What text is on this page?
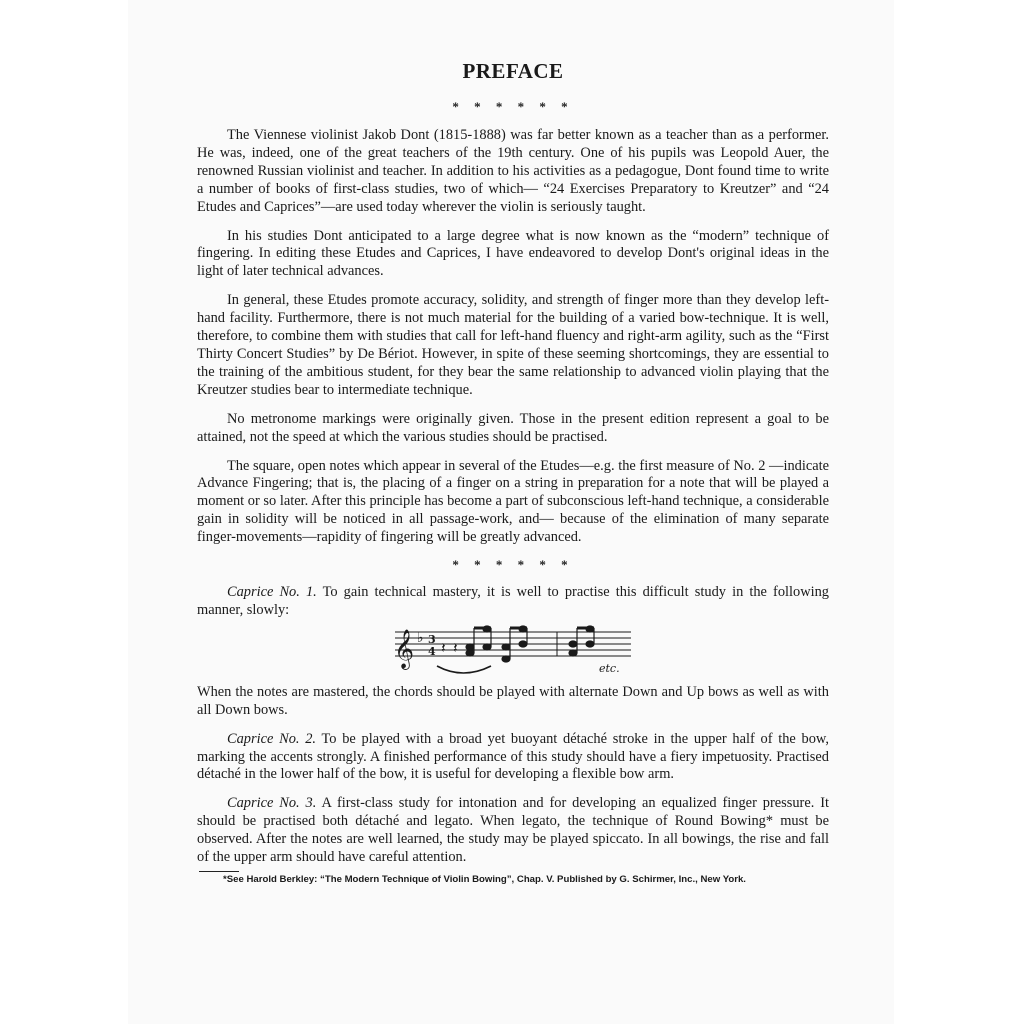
PREFACE
* * * * * *

The Viennese violinist Jakob Dont (1815-1888) was far better known as a teacher than as a performer. He was, indeed, one of the great teachers of the 19th century. One of his pupils was Leopold Auer, the renowned Russian violinist and teacher. In addition to his activities as a pedagogue, Dont found time to write a number of books of first-class studies, two of which— “24 Exercises Preparatory to Kreutzer” and “24 Etudes and Caprices”—are used today wherever the violin is seriously taught.

In his studies Dont anticipated to a large degree what is now known as the “modern” technique of fingering. In editing these Etudes and Caprices, I have endeavored to develop Dont's original ideas in the light of later technical advances.

In general, these Etudes promote accuracy, solidity, and strength of finger more than they develop left-hand facility. Furthermore, there is not much material for the building of a varied bow-technique. It is well, therefore, to combine them with studies that call for left-hand fluency and right-arm agility, such as the “First Thirty Concert Studies” by De Bériot. However, in spite of these seeming shortcomings, they are essential to the training of the ambitious student, for they bear the same relationship to advanced violin playing that the Kreutzer studies bear to intermediate technique.

No metronome markings were originally given. Those in the present edition represent a goal to be attained, not the speed at which the various studies should be practised.

The square, open notes which appear in several of the Etudes—e.g. the first measure of No. 2 —indicate Advance Fingering; that is, the placing of a finger on a string in preparation for a note that will be played a moment or so later. After this principle has become a part of subconscious left-hand technique, a considerable gain in solidity will be noticed in all passage-work, and— because of the elimination of many separate finger-movements—rapidity of fingering will be greatly advanced.

* * * * * *

Caprice No. 1. To gain technical mastery, it is well to practise this difficult study in the following manner, slowly:

𝄞 ♭ 3
4 𝄽 𝄽
etc.

When the notes are mastered, the chords should be played with alternate Down and Up bows as well as with all Down bows.

Caprice No. 2. To be played with a broad yet buoyant détaché stroke in the upper half of the bow, marking the accents strongly. A finished performance of this study should have a fiery impetuosity. Practised détaché in the lower half of the bow, it is useful for developing a flexible bow arm.

Caprice No. 3. A first-class study for intonation and for developing an equalized finger pressure. It should be practised both détaché and legato. When legato, the technique of Round Bowing* must be observed. After the notes are well learned, the study may be played spiccato. In all bowings, the rise and fall of the upper arm should have careful attention.

*See Harold Berkley: “The Modern Technique of Violin Bowing”, Chap. V. Published by G. Schirmer, Inc., New York.
